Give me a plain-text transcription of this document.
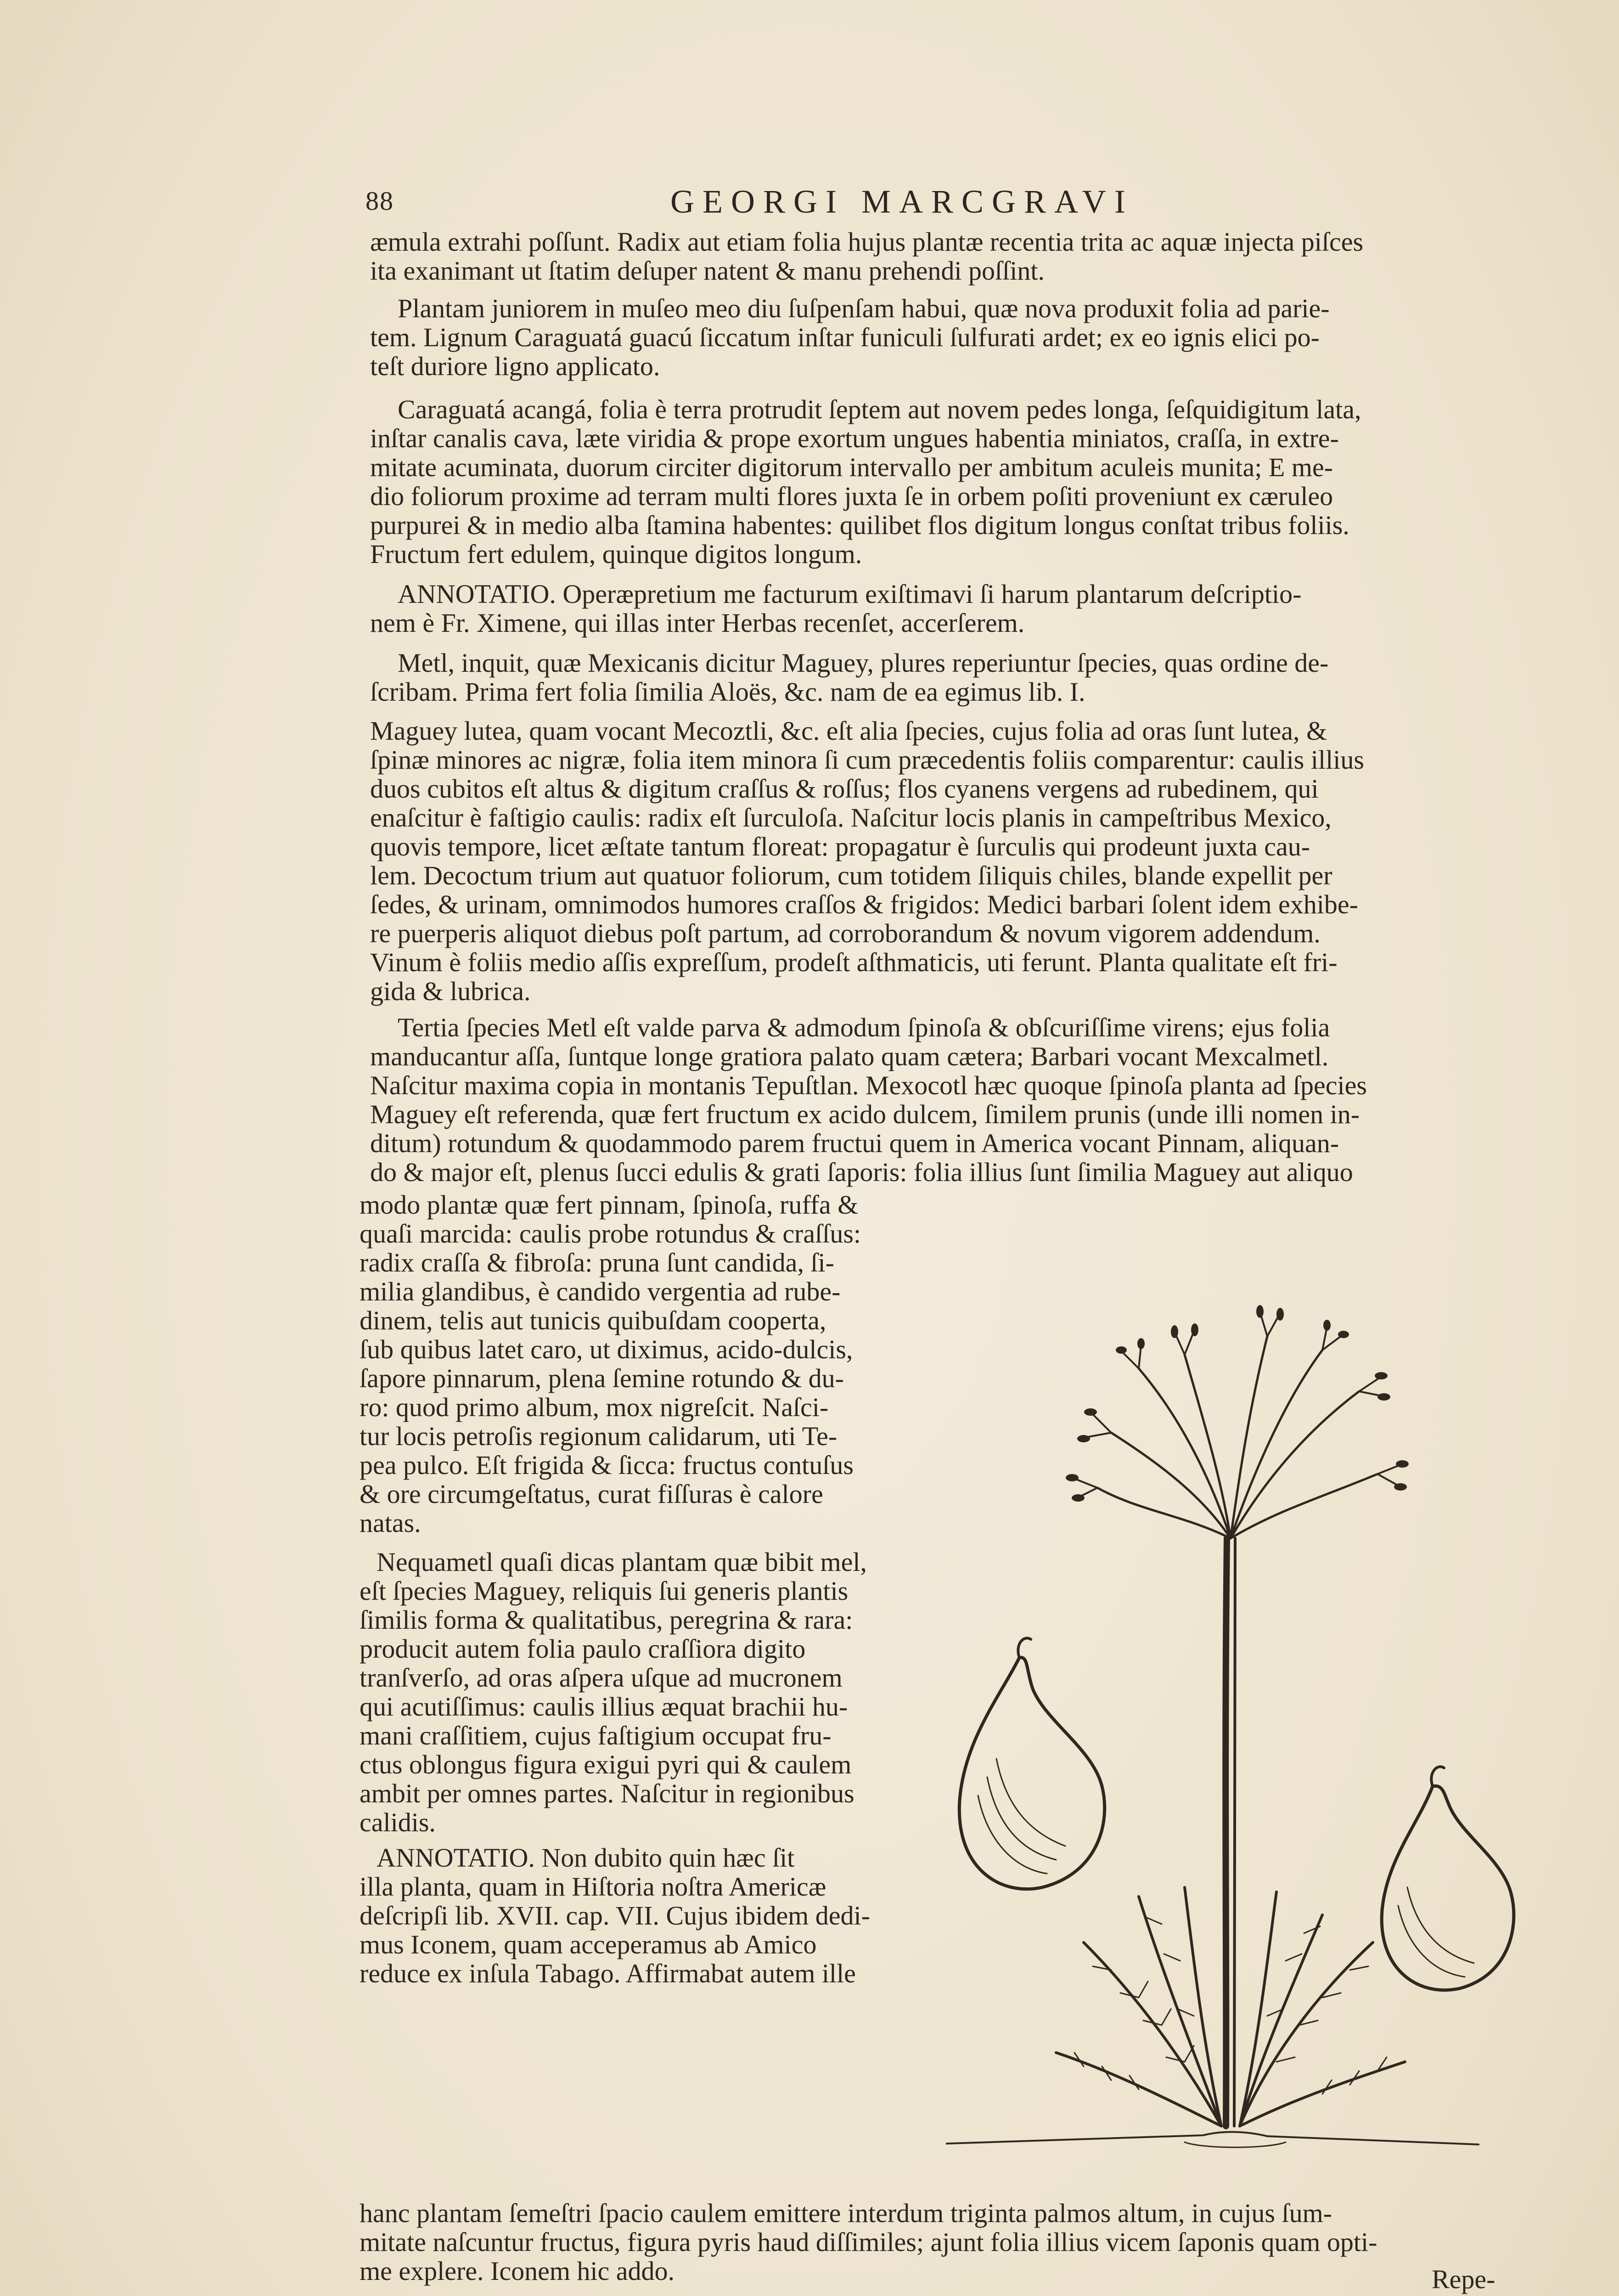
88	GEORGI MARCGRAVI
æmula extrahi poſſunt. Radix aut etiam folia hujus plantæ recentia trita ac aquæ injecta piſces
ita exanimant ut ſtatim deſuper natent & manu prehendi poſſint.
Plantam juniorem in muſeo meo diu ſuſpenſam habui, quæ nova produxit folia ad parie-
tem. Lignum Caraguatá guacú ſiccatum inſtar funiculi ſulfurati ardet; ex eo ignis elici po-
teſt duriore ligno applicato.
Caraguatá acangá, folia è terra protrudit ſeptem aut novem pedes longa, ſeſquidigitum lata,
inſtar canalis cava, læte viridia & prope exortum ungues habentia miniatos, craſſa, in extre-
mitate acuminata, duorum circiter digitorum intervallo per ambitum aculeis munita; E me-
dio foliorum proxime ad terram multi flores juxta ſe in orbem poſiti proveniunt ex cæruleo
purpurei & in medio alba ſtamina habentes: quilibet flos digitum longus conſtat tribus foliis.
Fructum fert edulem, quinque digitos longum.
ANNOTATIO. Operæpretium me facturum exiſtimavi ſi harum plantarum deſcriptio-
nem è Fr. Ximene, qui illas inter Herbas recenſet, accerſerem.
Metl, inquit, quæ Mexicanis dicitur Maguey, plures reperiuntur ſpecies, quas ordine de-
ſcribam. Prima fert folia ſimilia Aloës, &c. nam de ea egimus lib. I.
Maguey lutea, quam vocant Mecoztli, &c. eſt alia ſpecies, cujus folia ad oras ſunt lutea, &
ſpinæ minores ac nigræ, folia item minora ſi cum præcedentis foliis comparentur: caulis illius
duos cubitos eſt altus & digitum craſſus & roſſus; flos cyanens vergens ad rubedinem, qui
enaſcitur è faſtigio caulis: radix eſt ſurculoſa. Naſcitur locis planis in campeſtribus Mexico,
quovis tempore, licet æſtate tantum floreat: propagatur è ſurculis qui prodeunt juxta cau-
lem. Decoctum trium aut quatuor foliorum, cum totidem ſiliquis chiles, blande expellit per
ſedes, & urinam, omnimodos humores craſſos & frigidos: Medici barbari ſolent idem exhibe-
re puerperis aliquot diebus poſt partum, ad corroborandum & novum vigorem addendum.
Vinum è foliis medio aſſis expreſſum, prodeſt aſthmaticis, uti ferunt. Planta qualitate eſt fri-
gida & lubrica.
Tertia ſpecies Metl eſt valde parva & admodum ſpinoſa & obſcuriſſime virens; ejus folia
manducantur aſſa, ſuntque longe gratiora palato quam cætera; Barbari vocant Mexcalmetl.
Naſcitur maxima copia in montanis Tepuſtlan. Mexocotl hæc quoque ſpinoſa planta ad ſpecies
Maguey eſt referenda, quæ fert fructum ex acido dulcem, ſimilem prunis (unde illi nomen in-
ditum) rotundum & quodammodo parem fructui quem in America vocant Pinnam, aliquan-
do & major eſt, plenus ſucci edulis & grati ſaporis: folia illius ſunt ſimilia Maguey aut aliquo
modo plantæ quæ fert pinnam, ſpinoſa, ruffa &
quaſi marcida: caulis probe rotundus & craſſus:
radix craſſa & fibroſa: pruna ſunt candida, ſi-
milia glandibus, è candido vergentia ad rube-
dinem, telis aut tunicis quibuſdam cooperta,
ſub quibus latet caro, ut diximus, acido-dulcis,
ſapore pinnarum, plena ſemine rotundo & du-
ro: quod primo album, mox nigreſcit. Naſci-
tur locis petroſis regionum calidarum, uti Te-
pea pulco. Eſt frigida & ſicca: fructus contuſus
& ore circumgeſtatus, curat fiſſuras è calore
natas.
Nequametl quaſi dicas plantam quæ bibit mel,
eſt ſpecies Maguey, reliquis ſui generis plantis
ſimilis forma & qualitatibus, peregrina & rara:
producit autem folia paulo craſſiora digito
tranſverſo, ad oras aſpera uſque ad mucronem
qui acutiſſimus: caulis illius æquat brachii hu-
mani craſſitiem, cujus faſtigium occupat fru-
ctus oblongus figura exigui pyri qui & caulem
ambit per omnes partes. Naſcitur in regionibus
calidis.
ANNOTATIO. Non dubito quin hæc ſit
illa planta, quam in Hiſtoria noſtra Americæ
deſcripſi lib. XVII. cap. VII. Cujus ibidem dedi-
mus Iconem, quam acceperamus ab Amico
reduce ex inſula Tabago. Affirmabat autem ille
hanc plantam ſemeſtri ſpacio caulem emittere interdum triginta palmos altum, in cujus ſum-
mitate naſcuntur fructus, figura pyris haud diſſimiles; ajunt folia illius vicem ſaponis quam opti-
me explere. Iconem hic addo.	Repe-
